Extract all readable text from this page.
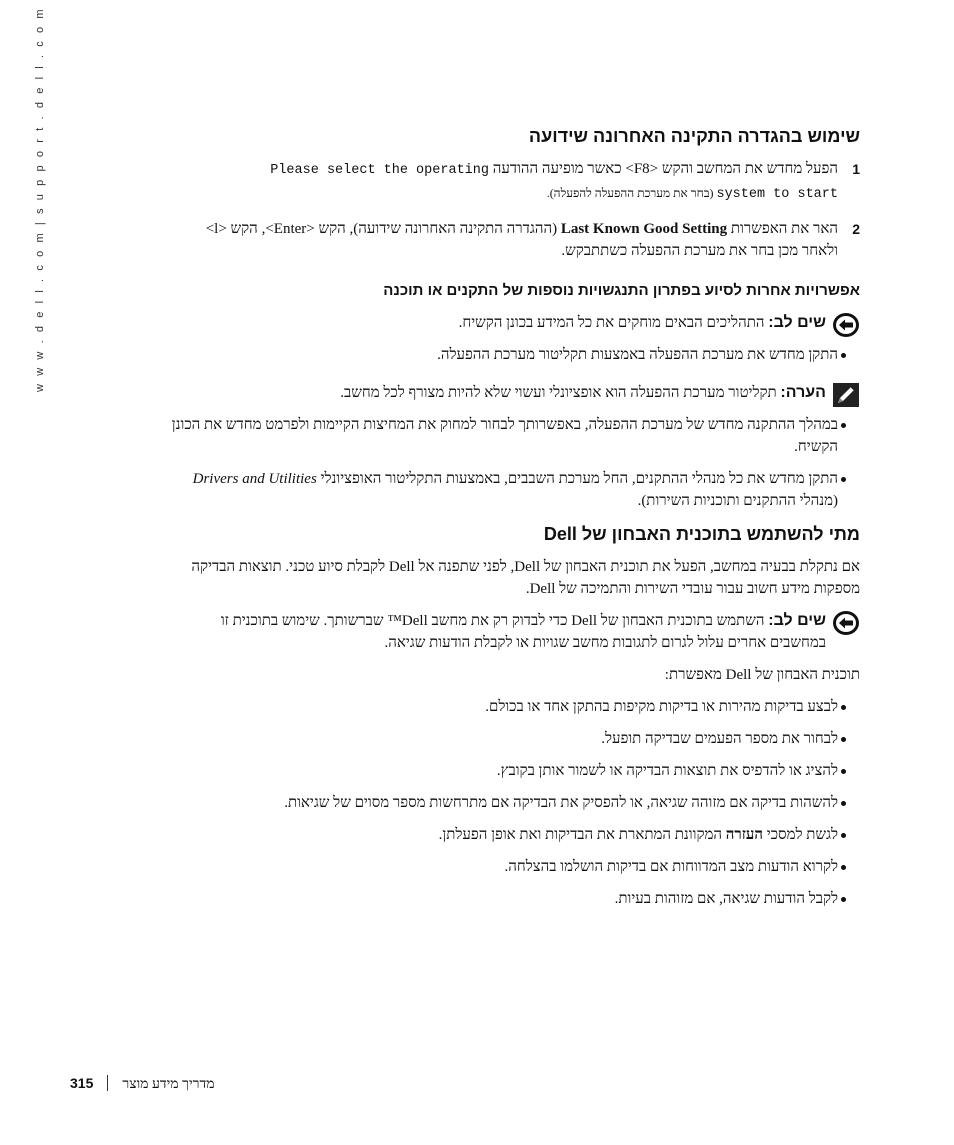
w w w . d e l l . c o m | s u p p o r t . d e l l . c o m	שימוש בהגדרה התקינה האחרונה שידועה
1
הפעל מחדש את המחשב והקש <F8> כאשר מופיעה ההודעה Please select the operating
system to start (בחר את מערכת ההפעלה להפעלה).
2
הא‌ר את האפשרות Last Known Good Setting (ההגדרה התקינה האחרונה שידועה), הקש <Enter>, הקש <l> ולאחר מכן בחר את מערכת ההפעלה כשתתבקש.
אפשרויות אחרות לסיוע בפתרון התנגשויות נוספות של התקנים או תוכנה
שים לב: התהליכים הבאים מוחקים את כל המידע בכונן הקשיח.
התקן מחדש את מערכת ההפעלה באמצעות תקליטור מערכת ההפעלה.
הערה: תקליטור מערכת ההפעלה הוא אופציונלי ועשוי שלא להיות מצורף לכל מחשב.
במהלך ההתקנה מחדש של מערכת ההפעלה, באפשרותך לבחור למחוק את המחיצות הקיימות ולפרמט מחדש את הכונן הקשיח.
התקן מחדש את כל מנהלי ההתקנים, החל מערכת השבבים, באמצעות התקליטור האופציונלי Drivers and Utilities (מנהלי ההתקנים ותוכניות השירות).
מתי להשתמש בתוכנית האבחון של Dell

אם נתקלת בבעיה במחשב, הפעל את תוכנית האבחון של Dell, לפני שתפנה אל Dell לקבלת סיוע טכני. תוצאות הבדיקה מספקות מידע חשוב עבור עובדי השירות והתמיכה של Dell.

שים לב: השתמש בתוכנית האבחון של Dell כדי לבדוק רק את מחשב Dell™ שברשותך. שימוש בתוכנית זו במחשבים אחרים עלול לגרום לתגובות מחשב שגויות או לקבלת הודעות שגיאה.

תוכנית האבחון של Dell מאפשרת:

לבצע בדיקות מהירות או בדיקות מקיפות בהתקן אחד או בכולם.
לבחור את מספר הפעמים שבדיקה תופעל.
להציג או להדפיס את תוצאות הבדיקה או לשמור אותן בקובץ.
להשהות בדיקה אם מזוהה שגיאה, או להפסיק את הבדיקה אם מתרחשות מספר מסוים של שגיאות.
לגשת למסכי העזרה המקוונת המתארת את הבדיקות ואת אופן הפעלתן.
לקרוא הודעות מצב המדווחות אם בדיקות הושלמו בהצלחה.
לקבל הודעות שגיאה, אם מזוהות בעיות.
315 מדריך מידע מוצר
